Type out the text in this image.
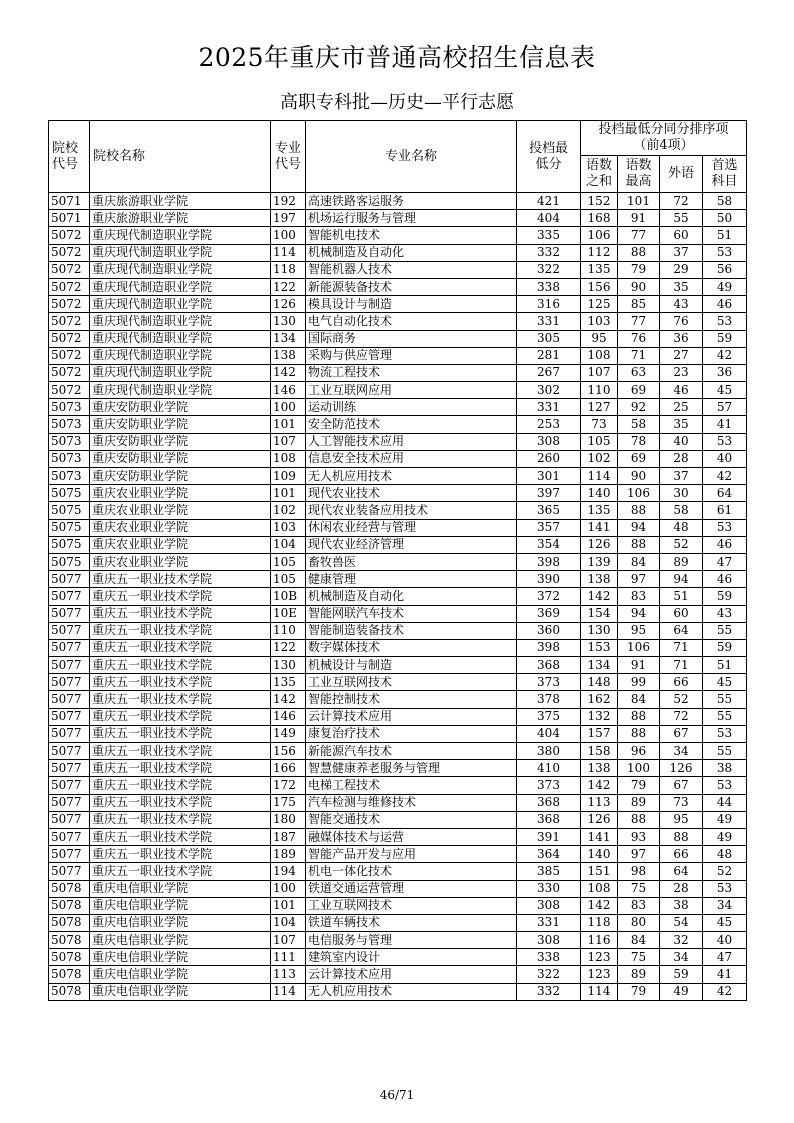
2025年重庆市普通高校招生信息表
高职专科批—历史—平行志愿
院校代号	院校名称	专业代号	专业名称	投档最低分	投档最低分同分排序项（前4项）			
					语数之和	语数最高	外语	首选科目
5071	重庆旅游职业学院	192	高速铁路客运服务	421	152	101	72	58
5071	重庆旅游职业学院	197	机场运行服务与管理	404	168	91	55	50
5072	重庆现代制造职业学院	100	智能机电技术	335	106	77	60	51
5072	重庆现代制造职业学院	114	机械制造及自动化	332	112	88	37	53
5072	重庆现代制造职业学院	118	智能机器人技术	322	135	79	29	56
5072	重庆现代制造职业学院	122	新能源装备技术	338	156	90	35	49
5072	重庆现代制造职业学院	126	模具设计与制造	316	125	85	43	46
5072	重庆现代制造职业学院	130	电气自动化技术	331	103	77	76	53
5072	重庆现代制造职业学院	134	国际商务	305	95	76	36	59
5072	重庆现代制造职业学院	138	采购与供应管理	281	108	71	27	42
5072	重庆现代制造职业学院	142	物流工程技术	267	107	63	23	36
5072	重庆现代制造职业学院	146	工业互联网应用	302	110	69	46	45
5073	重庆安防职业学院	100	运动训练	331	127	92	25	57
5073	重庆安防职业学院	101	安全防范技术	253	73	58	35	41
5073	重庆安防职业学院	107	人工智能技术应用	308	105	78	40	53
5073	重庆安防职业学院	108	信息安全技术应用	260	102	69	28	40
5073	重庆安防职业学院	109	无人机应用技术	301	114	90	37	42
5075	重庆农业职业学院	101	现代农业技术	397	140	106	30	64
5075	重庆农业职业学院	102	现代农业装备应用技术	365	135	88	58	61
5075	重庆农业职业学院	103	休闲农业经营与管理	357	141	94	48	53
5075	重庆农业职业学院	104	现代农业经济管理	354	126	88	52	46
5075	重庆农业职业学院	105	畜牧兽医	398	139	84	89	47
5077	重庆五一职业技术学院	105	健康管理	390	138	97	94	46
5077	重庆五一职业技术学院	10B	机械制造及自动化	372	142	83	51	59
5077	重庆五一职业技术学院	10E	智能网联汽车技术	369	154	94	60	43
5077	重庆五一职业技术学院	110	智能制造装备技术	360	130	95	64	55
5077	重庆五一职业技术学院	122	数字媒体技术	398	153	106	71	59
5077	重庆五一职业技术学院	130	机械设计与制造	368	134	91	71	51
5077	重庆五一职业技术学院	135	工业互联网技术	373	148	99	66	45
5077	重庆五一职业技术学院	142	智能控制技术	378	162	84	52	55
5077	重庆五一职业技术学院	146	云计算技术应用	375	132	88	72	55
5077	重庆五一职业技术学院	149	康复治疗技术	404	157	88	67	53
5077	重庆五一职业技术学院	156	新能源汽车技术	380	158	96	34	55
5077	重庆五一职业技术学院	166	智慧健康养老服务与管理	410	138	100	126	38
5077	重庆五一职业技术学院	172	电梯工程技术	373	142	79	67	53
5077	重庆五一职业技术学院	175	汽车检测与维修技术	368	113	89	73	44
5077	重庆五一职业技术学院	180	智能交通技术	368	126	88	95	49
5077	重庆五一职业技术学院	187	融媒体技术与运营	391	141	93	88	49
5077	重庆五一职业技术学院	189	智能产品开发与应用	364	140	97	66	48
5077	重庆五一职业技术学院	194	机电一体化技术	385	151	98	64	52
5078	重庆电信职业学院	100	铁道交通运营管理	330	108	75	28	53
5078	重庆电信职业学院	101	工业互联网技术	308	142	83	38	34
5078	重庆电信职业学院	104	铁道车辆技术	331	118	80	54	45
5078	重庆电信职业学院	107	电信服务与管理	308	116	84	32	40
5078	重庆电信职业学院	111	建筑室内设计	338	123	75	34	47
5078	重庆电信职业学院	113	云计算技术应用	322	123	89	59	41
5078	重庆电信职业学院	114	无人机应用技术	332	114	79	49	42
46/71
